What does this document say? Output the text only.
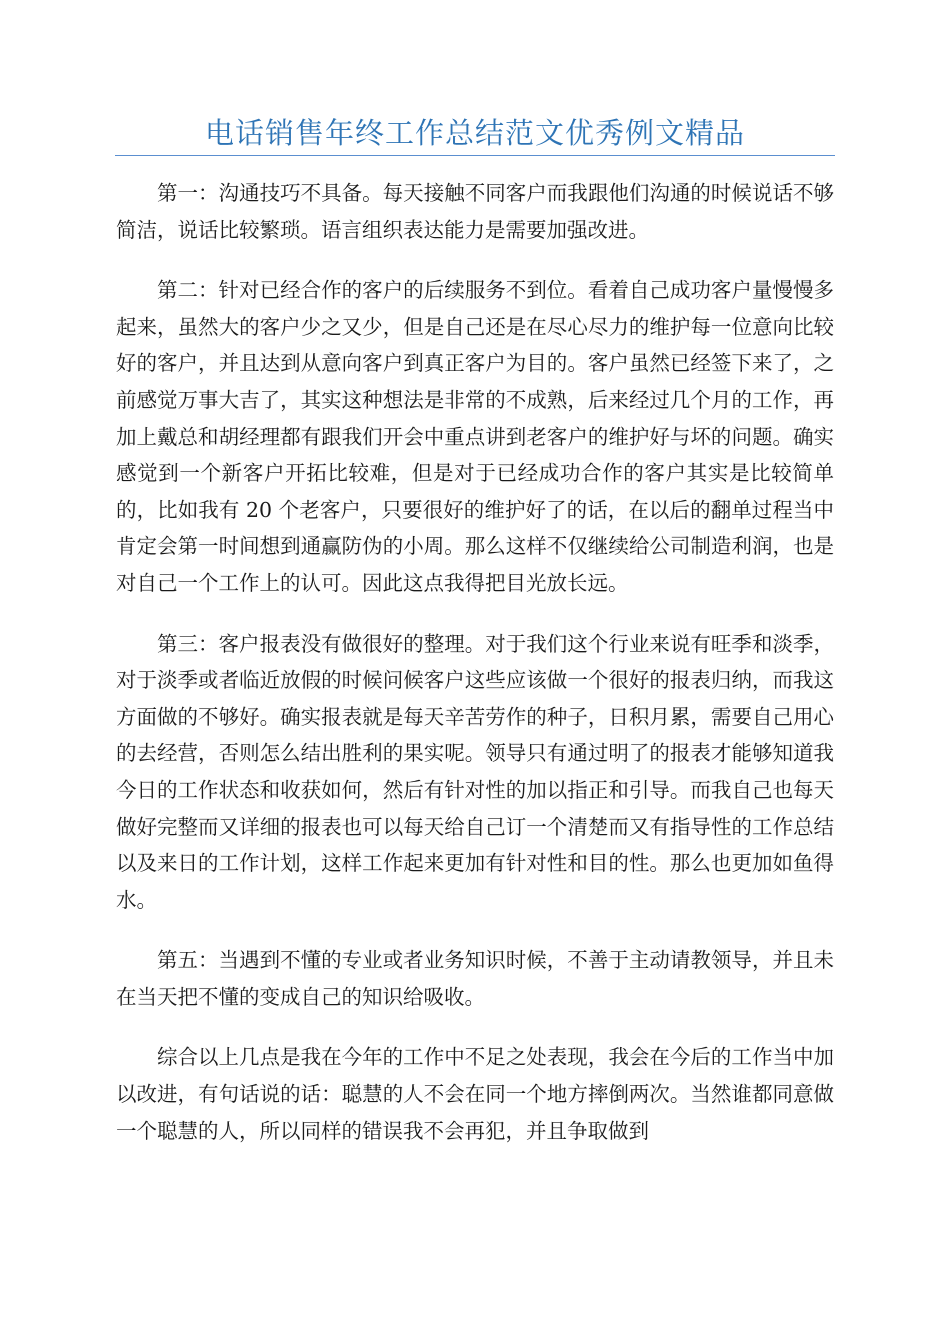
电话销售年终工作总结范文优秀例文精品

第一：沟通技巧不具备。每天接触不同客户而我跟他们沟通的时候说话不够简洁，说话比较繁琐。语言组织表达能力是需要加强改进。

第二：针对已经合作的客户的后续服务不到位。看着自己成功客户量慢慢多起来，虽然大的客户少之又少，但是自己还是在尽心尽力的维护每一位意向比较好的客户，并且达到从意向客户到真正客户为目的。客户虽然已经签下来了，之前感觉万事大吉了，其实这种想法是非常的不成熟，后来经过几个月的工作，再加上戴总和胡经理都有跟我们开会中重点讲到老客户的维护好与坏的问题。确实感觉到一个新客户开拓比较难，但是对于已经成功合作的客户其实是比较简单的，比如我有 20 个老客户，只要很好的维护好了的话，在以后的翻单过程当中肯定会第一时间想到通赢防伪的小周。那么这样不仅继续给公司制造利润，也是对自己一个工作上的认可。因此这点我得把目光放长远。

第三：客户报表没有做很好的整理。对于我们这个行业来说有旺季和淡季，对于淡季或者临近放假的时候问候客户这些应该做一个很好的报表归纳，而我这方面做的不够好。确实报表就是每天辛苦劳作的种子，日积月累，需要自己用心的去经营，否则怎么结出胜利的果实呢。领导只有通过明了的报表才能够知道我今日的工作状态和收获如何，然后有针对性的加以指正和引导。而我自己也每天做好完整而又详细的报表也可以每天给自己订一个清楚而又有指导性的工作总结以及来日的工作计划，这样工作起来更加有针对性和目的性。那么也更加如鱼得水。

第五：当遇到不懂的专业或者业务知识时候，不善于主动请教领导，并且未在当天把不懂的变成自己的知识给吸收。

综合以上几点是我在今年的工作中不足之处表现，我会在今后的工作当中加以改进，有句话说的话：聪慧的人不会在同一个地方摔倒两次。当然谁都同意做一个聪慧的人，所以同样的错误我不会再犯，并且争取做到
